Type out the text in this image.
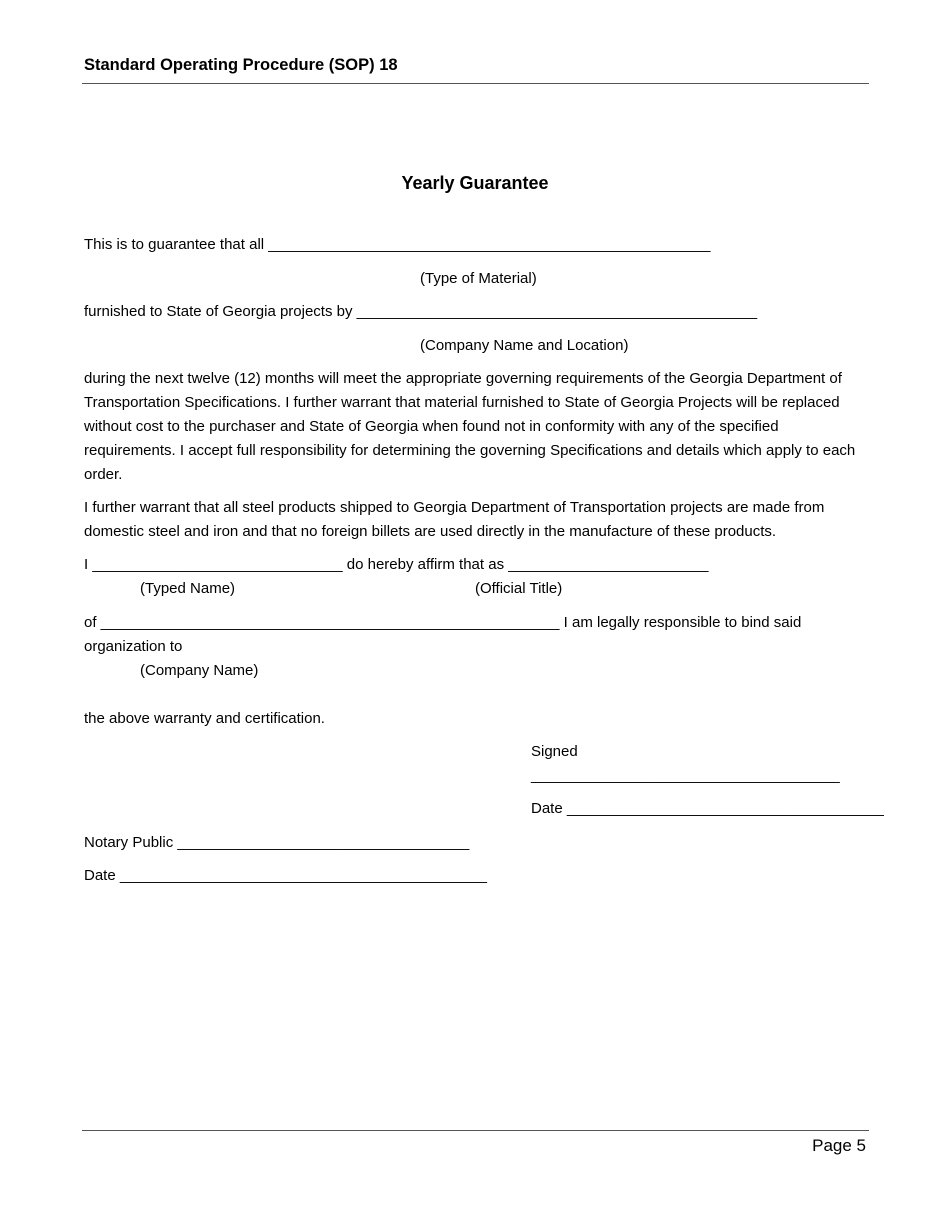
Standard Operating Procedure (SOP) 18
Yearly Guarantee
This is to guarantee that all _____________________________________________________
(Type of Material)
furnished to State of Georgia projects by ________________________________________________
(Company Name and Location)
during the next twelve (12) months will meet the appropriate governing requirements of the Georgia Department of Transportation Specifications. I further warrant that material furnished to State of Georgia Projects will be replaced without cost to the purchaser and State of Georgia when found not in conformity with any of the specified requirements. I accept full responsibility for determining the governing Specifications and details which apply to each order.
I further warrant that all steel products shipped to Georgia Department of Transportation projects are made from domestic steel and iron and that no foreign billets are used directly in the manufacture of these products.
I ______________________________ do hereby affirm that as ________________________
(Typed Name)	(Official Title)
of _______________________________________________________ I am legally responsible to bind said
organization to
(Company Name)
the above warranty and certification.
Signed
_____________________________________
Date ______________________________________
Notary Public ___________________________________
Date ____________________________________________
Page 5
